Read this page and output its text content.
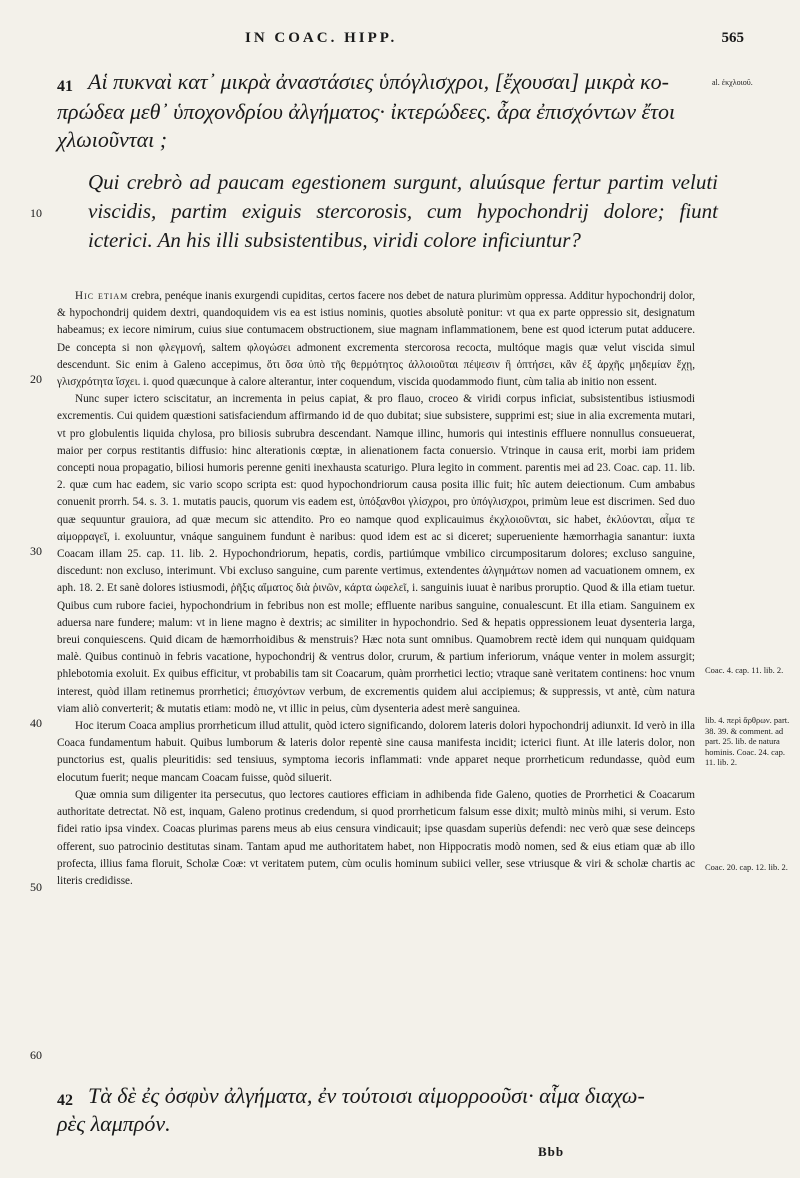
IN COAC. HIPP.	565
al. ἐκχλοιοῦ.
41 Αἱ πυκναὶ κατ᾽ μικρὰ ἀναστάσιες ὑπόγλισχροι, [ἔχουσαι] μικρὰ κο-
πρώδεα μεθ᾽ ὑποχονδρίου ἀλγήματος· ἰκτερώδεες. ἆρα ἐπισχόντων ἔτοι
χλωιοῦνται ;
Qui crebrò ad paucam egestionem surgunt, aluúsque fertur partim veluti viscidis, partim exiguis stercorosis, cum hypochondrij dolore; fiunt icterici. An his illi subsistentibus, viridi colore inficiuntur?

Hic etiam crebra, penéque inanis exurgendi cupiditas, certos facere nos debet de natura plurimùm oppressa. Additur hypochondrij dolor, & hypochondrij quidem dextri, quandoquidem vis ea est istius nominis, quoties absolutè ponitur: vt qua ex parte oppressio sit, designatum habeamus; ex iecore nimirum, cuius siue contumacem obstructionem, siue magnam inflammationem, bene est quod icterum putat adducere. De concepta si non φλεγμονή, saltem φλογώσει admonent excrementa stercorosa recocta, multóque magis quæ velut viscida simul descendunt. Sic enim à Galeno accepimus, ὅτι ὅσα ὑπὸ τῆς θερμότητος ἀλλοιοῦται πέψεσιν ἢ ὀπτήσει, κἂν ἐξ ἀρχῆς μηδεμίαν ἔχῃ, γλισχρότητα ἴσχει. i. quod quæcunque à calore alterantur, inter coquendum, viscida quodammodo fiunt, cùm talia ab initio non essent.

Nunc super ictero sciscitatur, an incrementa in peius capiat, & pro flauo, croceo & viridi corpus inficiat, subsistentibus istiusmodi excrementis. Cui quidem quæstioni satisfaciendum affirmando id de quo dubitat; siue subsistere, supprimi est; siue in alia excrementa mutari, vt pro globulentis liquida chylosa, pro biliosis subrubra descendant. Namque illinc, humoris qui intestinis effluere nonnullus consueuerat, maior per corpus restitantis diffusio: hinc alterationis cœptæ, in alienationem facta conuersio. Vtrinque in causa erit, morbi iam pridem concepti noua propagatio, biliosi humoris perenne geniti inexhausta scaturigo. Plura legito in comment. parentis mei ad 23. Coac. cap. 11. lib. 2. quæ cum hac eadem, sic vario scopo scripta est: quod hypochondriorum causa posita illic fuit; hîc autem deiectionum. Cum ambabus conuenit prorrh. 54. s. 3. 1. mutatis paucis, quorum vis eadem est, ὑπόξανθοι γλίσχροι, pro ὑπόγλισχροι, primùm leue est discrimen. Sed duo quæ sequuntur grauiora, ad quæ mecum sic attendito. Pro eo namque quod explicauimus ἐκχλοιοῦνται, sic habet, ἐκλύονται, αἷμα τε αἱμορραγεῖ, i. exoluuntur, vnáque sanguinem fundunt è naribus: quod idem est ac si diceret; superueniente hæmorrhagia sanantur: iuxta Coacam illam 25. cap. 11. lib. 2. Hypochondriorum, hepatis, cordis, partiúmque vmbilico circumpositarum dolores; excluso sanguine, discedunt: non excluso, interimunt. Vbi excluso sanguine, cum parente vertimus, extendentes ἀλγημάτων nomen ad vacuationem omnem, ex aph. 18. 2. Et sanè dolores istiusmodi, ῥῆξις αἵματος διὰ ῥινῶν, κάρτα ὠφελεῖ, i. sanguinis iuuat è naribus proruptio. Quod & illa etiam tuetur. Quibus cum rubore faciei, hypochondrium in febribus non est molle; effluente naribus sanguine, conualescunt. Et illa etiam. Sanguinem ex aduersa nare fundere; malum: vt in liene magno è dextris; ac similiter in hypochondrio. Sed & hepatis oppressionem leuat dysenteria larga, breui conquiescens. Quid dicam de hæmorrhoidibus & menstruis? Hæc nota sunt omnibus. Quamobrem rectè idem qui nunquam quidquam malè. Quibus continuò in febris vacatione, hypochondrij & ventrus dolor, crurum, & partium inferiorum, vnáque venter in molem assurgit; phlebotomia exoluit. Ex quibus efficitur, vt probabilis tam sit Coacarum, quàm prorrhetici lectio; vtraque sanè veritatem continens: hoc vnum interest, quòd illam retinemus prorrhetici; ἐπισχόντων verbum, de excrementis quidem alui accipiemus; & suppressis, vt antè, cùm natura viam aliò converterit; & mutatis etiam: modò ne, vt illic in peius, cùm dysenteria adest merè sanguinea.

Hoc iterum Coaca amplius prorrheticum illud attulit, quòd ictero significando, dolorem lateris dolori hypochondrij adiunxit. Id verò in illa Coaca fundamentum habuit. Quibus lumborum & lateris dolor repentè sine causa manifesta incidit; icterici fiunt. At ille lateris dolor, non punctorius est, qualis pleuritidis: sed tensiuus, symptoma iecoris inflammati: vnde apparet neque prorrheticum redundasse, quòd eum elocutum fuerit; neque mancam Coacam fuisse, quòd siluerit.

Quæ omnia sum diligenter ita persecutus, quo lectores cautiores efficiam in adhibenda fide Galeno, quoties de Prorrhetici & Coacarum authoritate detrectat. Nõ est, inquam, Galeno protinus credendum, si quod prorrheticum falsum esse dixit; multò minùs mihi, si verum. Esto fidei ratio ipsa vindex. Coacas plurimas parens meus ab eius censura vindicauit; ipse quasdam superiùs defendi: nec verò quæ sese deinceps offerent, suo patrocinio destitutas sinam. Tantam apud me authoritatem habet, non Hippocratis modò nomen, sed & eius etiam quæ ab illo profecta, illius fama floruit, Scholæ Coæ: vt veritatem putem, cùm oculis hominum subiici veller, sese vtriusque & viri & scholæ chartis ac literis credidisse.

10
20
30
40
50
60
Coac. 4. cap. 11. lib. 2.
lib. 4. περὶ ἄρθρων. part. 38. 39. & comment. ad part. 25. lib. de natura hominis. Coac. 24. cap. 11. lib. 2.
Coac. 20. cap. 12. lib. 2.
42 Τὰ δὲ ἐς ὀσφὺν ἀλγήματα, ἐν τούτοισι αἱμορροοῦσι· αἷμα διαχω-
ρὲς λαμπρόν.
Bbb
